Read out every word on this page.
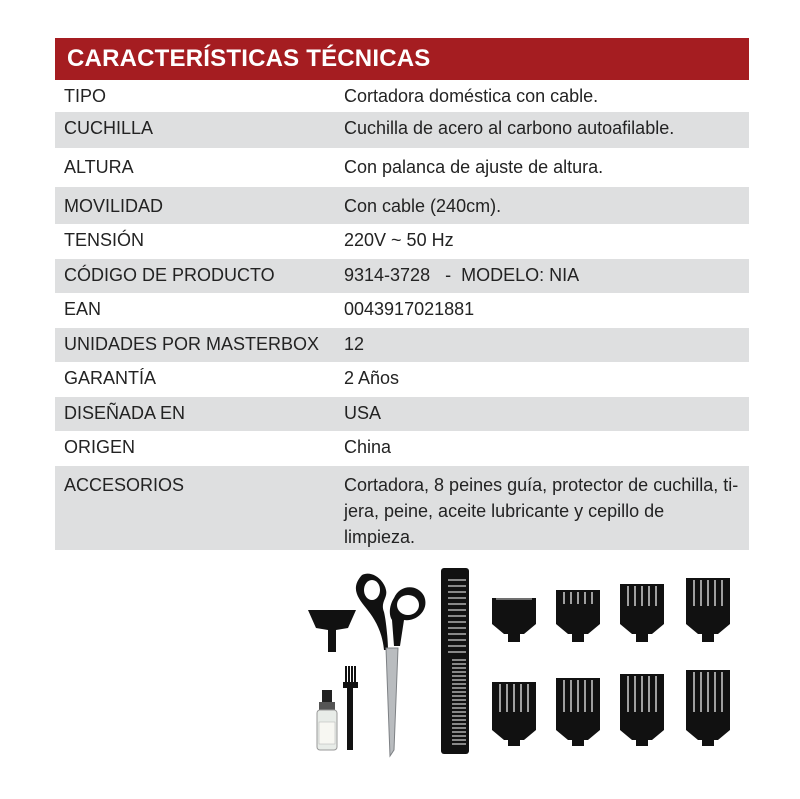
CARACTERÍSTICAS TÉCNICAS
TIPO	Cortadora doméstica con cable.
CUCHILLA	Cuchilla de acero al carbono autoafilable.
ALTURA	Con palanca de ajuste de altura.
MOVILIDAD	Con cable (240cm).
TENSIÓN	220V ~ 50 Hz
CÓDIGO DE PRODUCTO	9314-3728   -  MODELO: NIA
EAN	0043917021881
UNIDADES POR MASTERBOX	12
GARANTÍA	2 Años
DISEÑADA EN	USA
ORIGEN	China
ACCESORIOS	Cortadora, 8 peines guía, protector de cuchilla, ti-
jera, peine, aceite lubricante y cepillo de limpieza.
